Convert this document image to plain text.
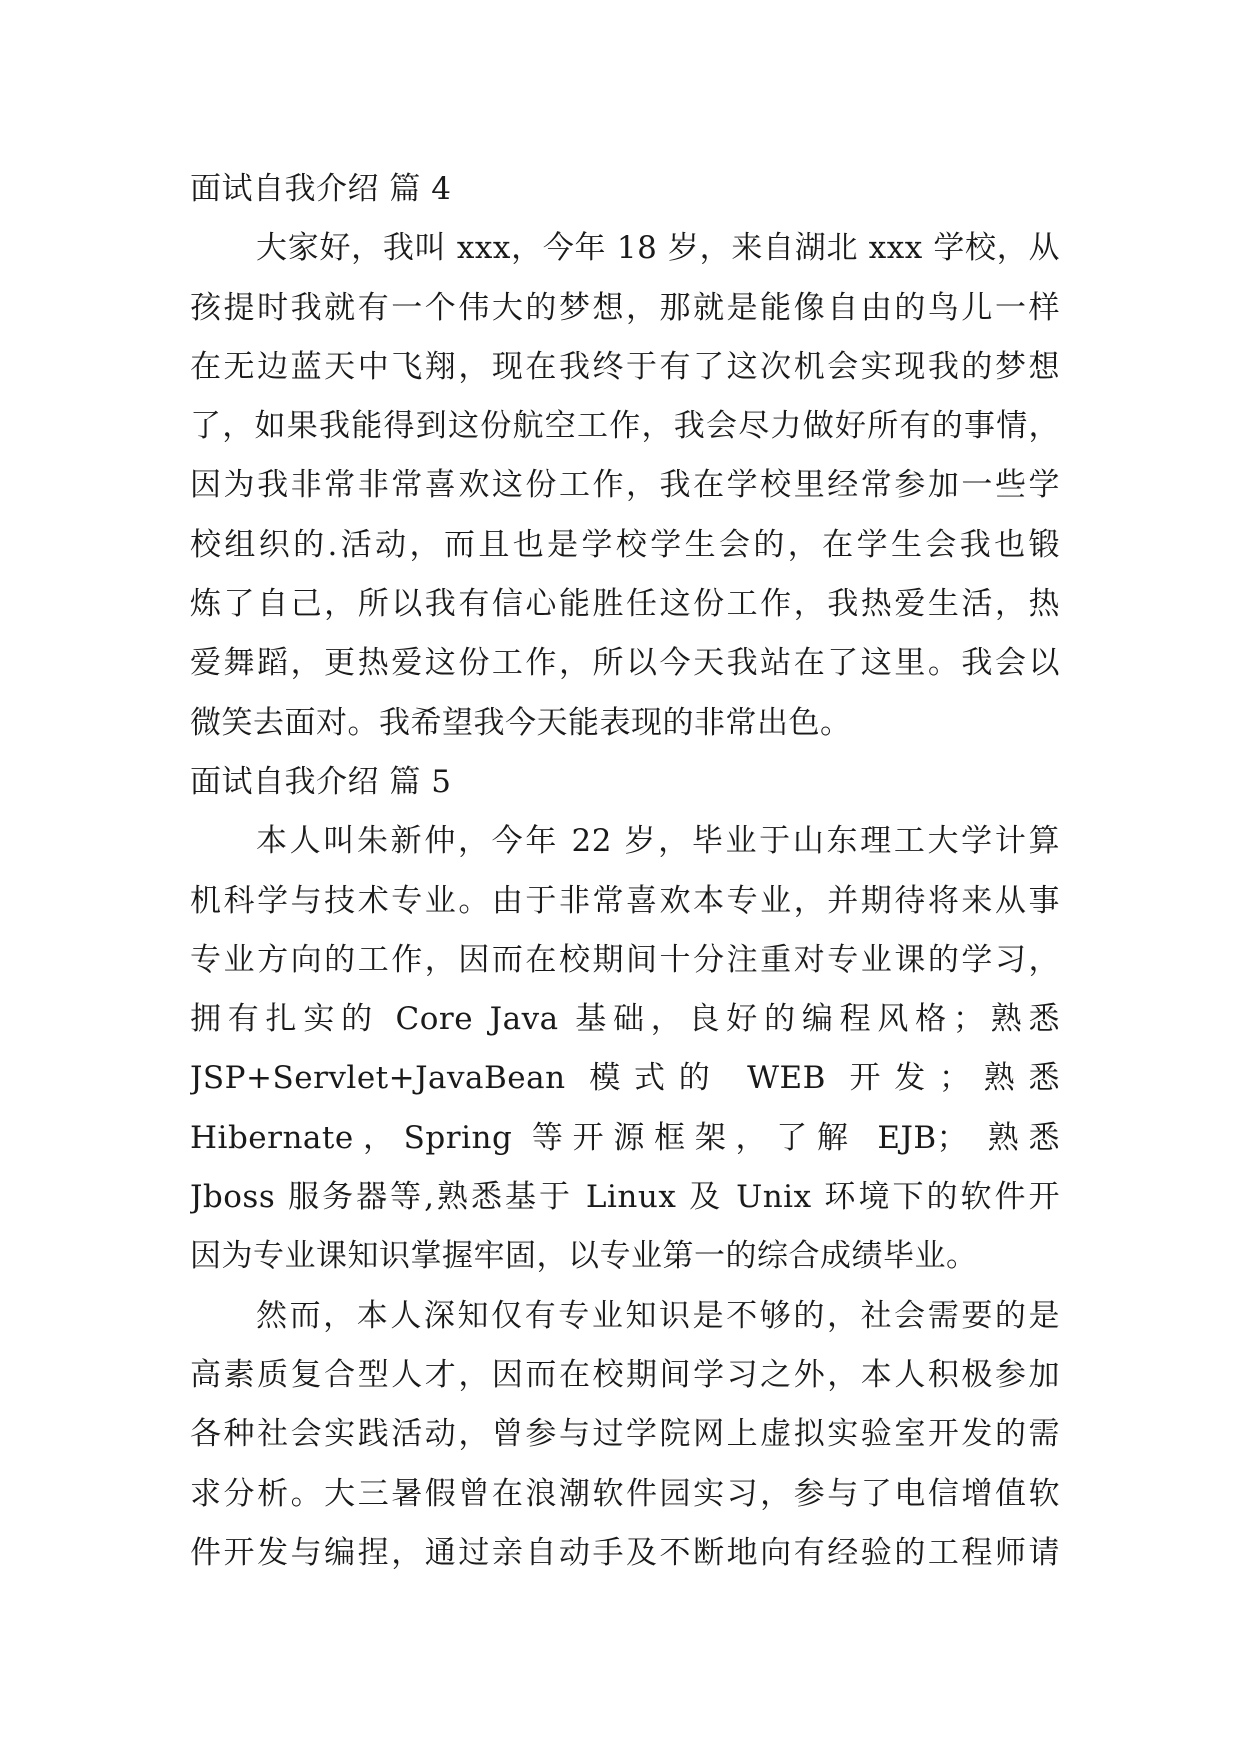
面试自我介绍 篇 4
大家好，我叫 xxx，今年 18 岁，来自湖北 xxx 学校，从
孩提时我就有一个伟大的梦想，那就是能像自由的鸟儿一样
在无边蓝天中飞翔，现在我终于有了这次机会实现我的梦想
了，如果我能得到这份航空工作，我会尽力做好所有的事情，
因为我非常非常喜欢这份工作，我在学校里经常参加一些学
校组织的.活动，而且也是学校学生会的，在学生会我也锻
炼了自己，所以我有信心能胜任这份工作，我热爱生活，热
爱舞蹈，更热爱这份工作，所以今天我站在了这里。我会以
微笑去面对。我希望我今天能表现的非常出色。
面试自我介绍 篇 5
本人叫朱新仲，今年 22 岁，毕业于山东理工大学计算
机科学与技术专业。由于非常喜欢本专业，并期待将来从事
专业方向的工作，因而在校期间十分注重对专业课的学习，
拥有扎实的 Core Java 基础，良好的编程风格；熟悉
JSP+Servlet+JavaBean 模式的 WEB 开发；熟悉
Hibernate，Spring 等开源框架，了解 EJB； 熟悉
Jboss 服务器等,熟悉基于 Linux 及 Unix 环境下的软件开
因为专业课知识掌握牢固，以专业第一的综合成绩毕业。
然而，本人深知仅有专业知识是不够的，社会需要的是
高素质复合型人才，因而在校期间学习之外，本人积极参加
各种社会实践活动，曾参与过学院网上虚拟实验室开发的需
求分析。大三暑假曾在浪潮软件园实习，参与了电信增值软
件开发与编捏，通过亲自动手及不断地向有经验的工程师请
